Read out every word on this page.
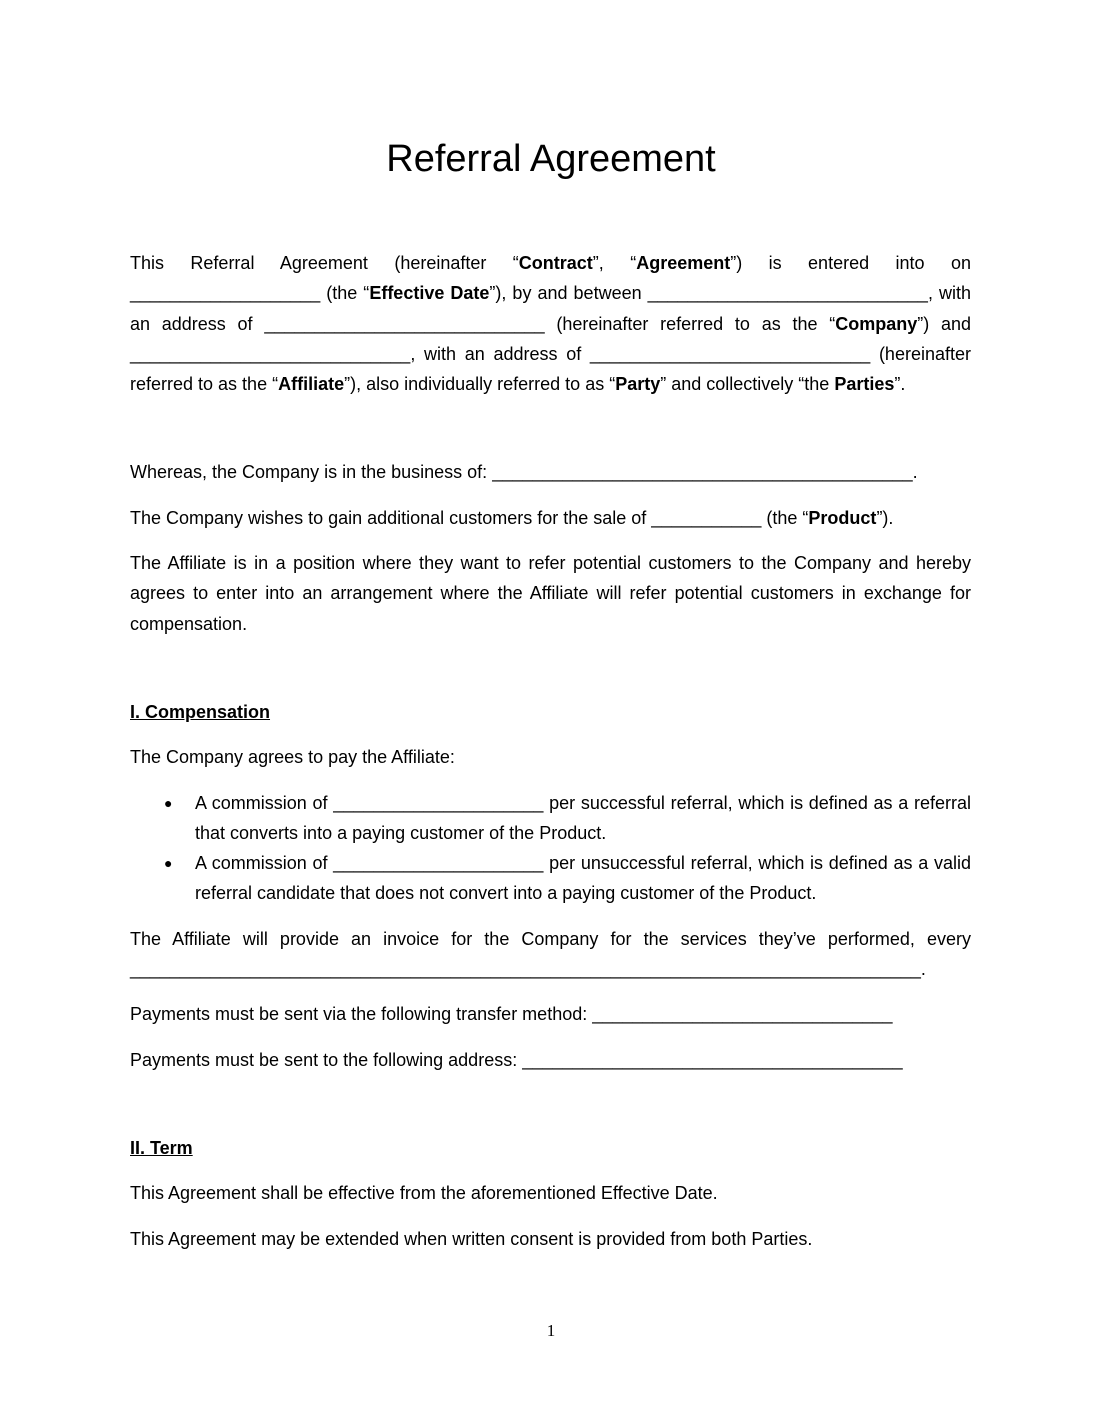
Referral Agreement

This Referral Agreement (hereinafter “Contract”, “Agreement”) is entered into on ___________________ (the “Effective Date”), by and between ____________________________, with an address of ____________________________ (hereinafter referred to as the “Company”) and ____________________________, with an address of ____________________________ (hereinafter referred to as the “Affiliate”), also individually referred to as “Party” and collectively “the Parties”.

Whereas, the Company is in the business of: __________________________________________.

The Company wishes to gain additional customers for the sale of ___________ (the “Product”).

The Affiliate is in a position where they want to refer potential customers to the Company and hereby agrees to enter into an arrangement where the Affiliate will refer potential customers in exchange for compensation.

I. Compensation

The Company agrees to pay the Affiliate:

● A commission of _____________________ per successful referral, which is defined as a referral that converts into a paying customer of the Product.
● A commission of _____________________ per unsuccessful referral, which is defined as a valid referral candidate that does not convert into a paying customer of the Product.

The Affiliate will provide an invoice for the Company for the services they’ve performed, every _______________________________________________________________________________.

Payments must be sent via the following transfer method: ______________________________

Payments must be sent to the following address: ______________________________________

II. Term

This Agreement shall be effective from the aforementioned Effective Date.

This Agreement may be extended when written consent is provided from both Parties.

1
